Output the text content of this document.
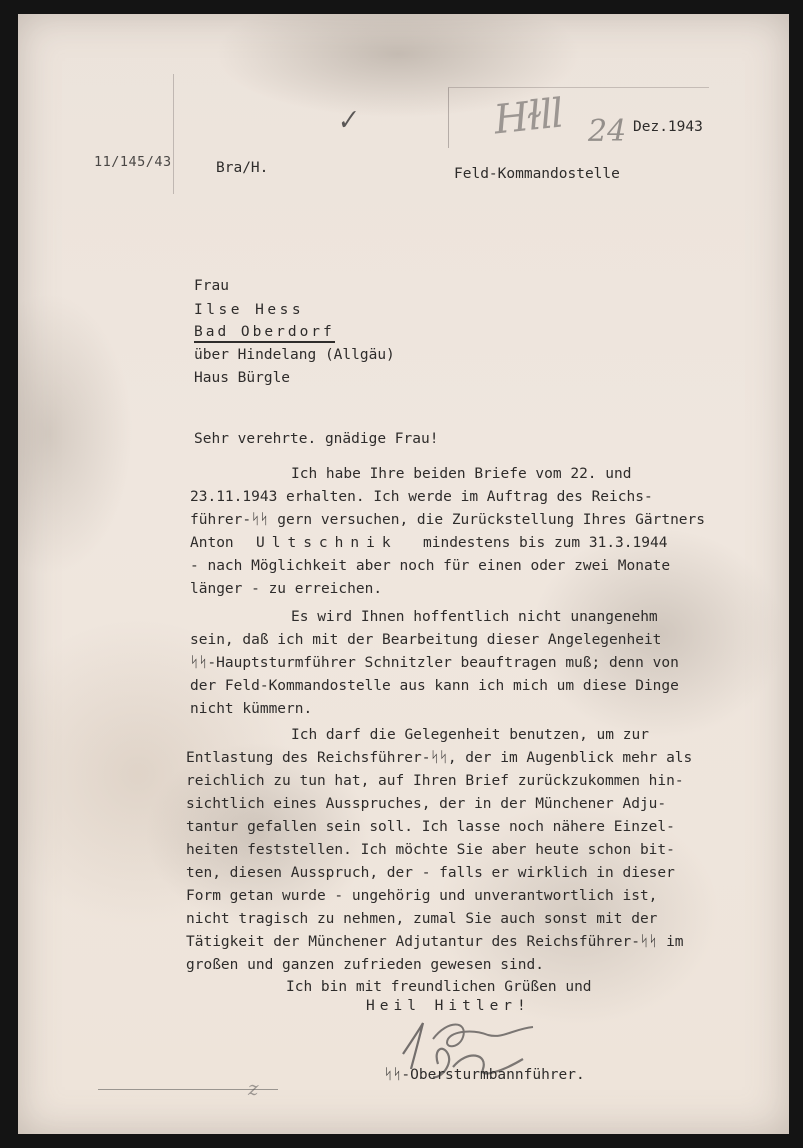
✓	Hɫll 24
11/145/43	Bra/H.
Dez.1943
Feld-Kommandostelle
Frau
Ilse Hess
Bad Oberdorf
über Hindelang (Allgäu)
Haus Bürgle
Sehr verehrte. gnädige Frau!
Ich habe Ihre beiden Briefe vom 22. und
23.11.1943 erhalten. Ich werde im Auftrag des Reichs-
führer-ᛋᛋ gern versuchen, die Zurückstellung Ihres Gärtners
Anton Ultschnik mindestens bis zum 31.3.1944
- nach Möglichkeit aber noch für einen oder zwei Monate
länger - zu erreichen.
Es wird Ihnen hoffentlich nicht unangenehm
sein, daß ich mit der Bearbeitung dieser Angelegenheit
ᛋᛋ-Hauptsturmführer Schnitzler beauftragen muß; denn von
der Feld-Kommandostelle aus kann ich mich um diese Dinge
nicht kümmern.
Ich darf die Gelegenheit benutzen, um zur
Entlastung des Reichsführer-ᛋᛋ, der im Augenblick mehr als
reichlich zu tun hat, auf Ihren Brief zurückzukommen hin-
sichtlich eines Ausspruches, der in der Münchener Adju-
tantur gefallen sein soll. Ich lasse noch nähere Einzel-
heiten feststellen. Ich möchte Sie aber heute schon bit-
ten, diesen Ausspruch, der - falls er wirklich in dieser
Form getan wurde - ungehörig und unverantwortlich ist,
nicht tragisch zu nehmen, zumal Sie auch sonst mit der
Tätigkeit der Münchener Adjutantur des Reichsführer-ᛋᛋ im
großen und ganzen zufrieden gewesen sind.
Ich bin mit freundlichen Grüßen und
Heil Hitler!
ᛋᛋ-Obersturmbannführer.
z
